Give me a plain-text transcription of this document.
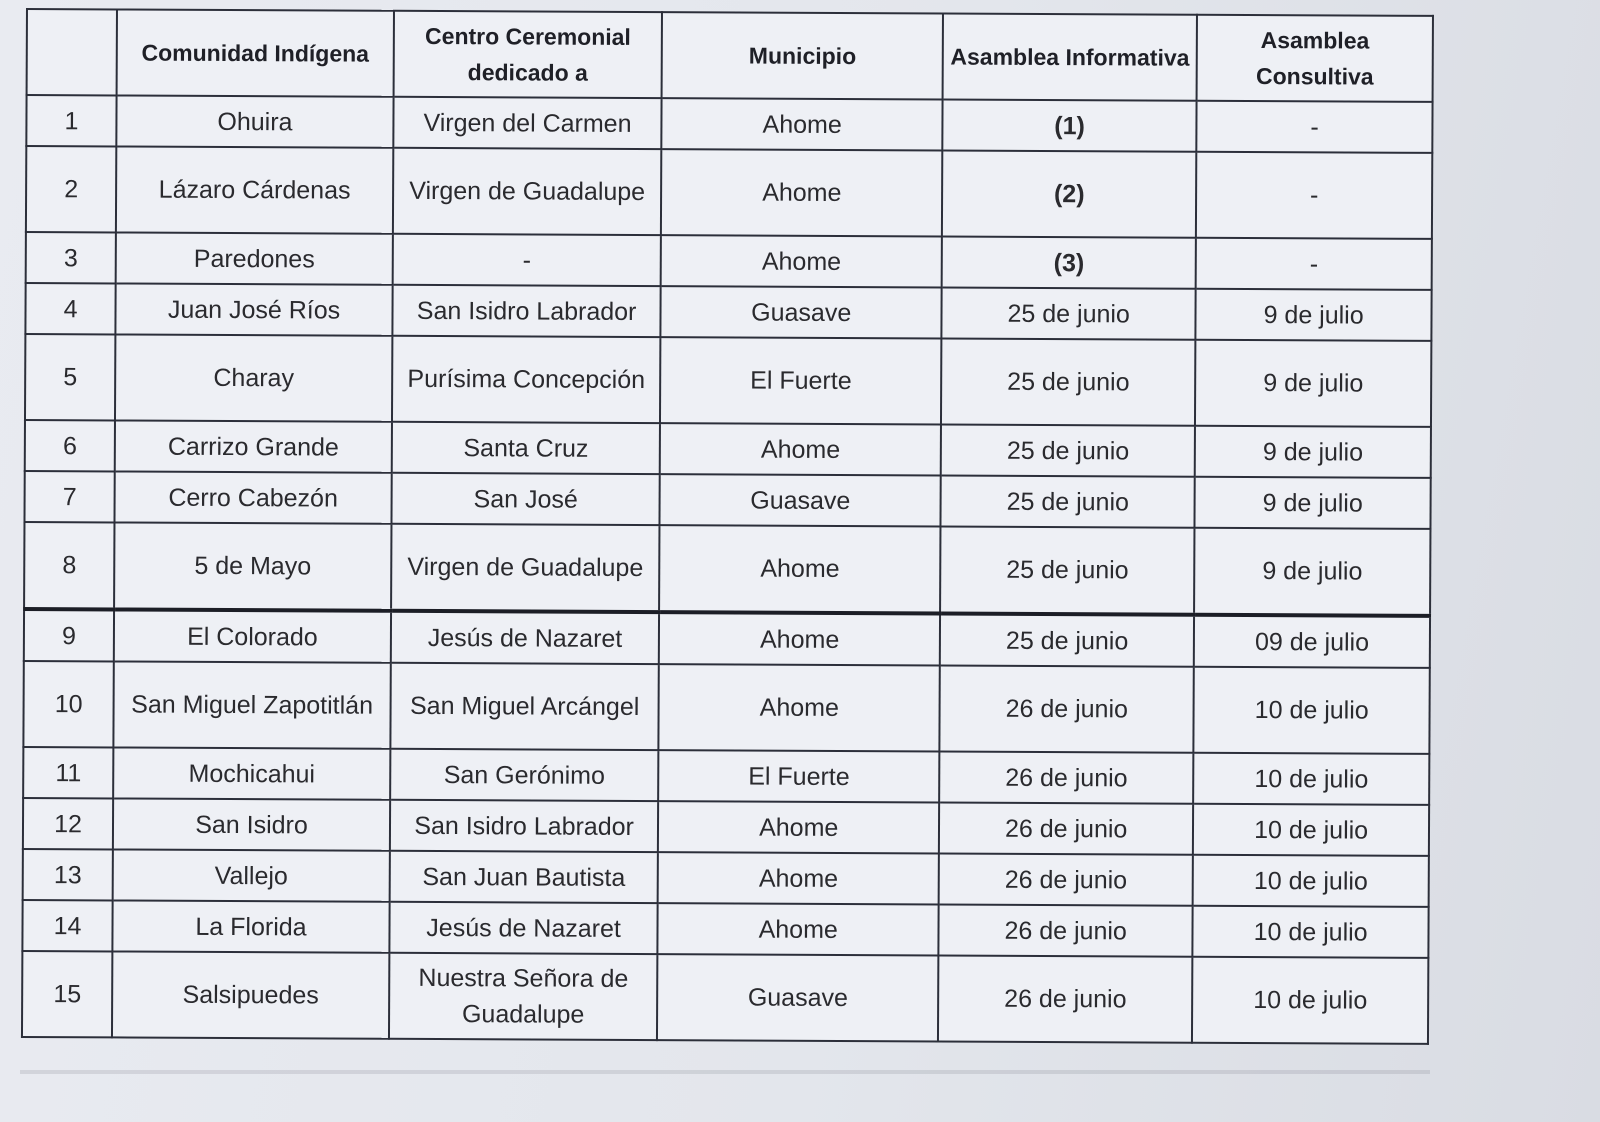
	Comunidad Indígena	Centro Ceremonial dedicado a	Municipio	Asamblea Informativa	Asamblea Consultiva
1	Ohuira	Virgen del Carmen	Ahome	(1)	-
2	Lázaro Cárdenas	Virgen de Guadalupe	Ahome	(2)	-
3	Paredones	-	Ahome	(3)	-
4	Juan José Ríos	San Isidro Labrador	Guasave	25 de junio	9 de julio
5	Charay	Purísima Concepción	El Fuerte	25 de junio	9 de julio
6	Carrizo Grande	Santa Cruz	Ahome	25 de junio	9 de julio
7	Cerro Cabezón	San José	Guasave	25 de junio	9 de julio
8	5 de Mayo	Virgen de Guadalupe	Ahome	25 de junio	9 de julio
9	El Colorado	Jesús de Nazaret	Ahome	25 de junio	09 de julio
10	San Miguel Zapotitlán	San Miguel Arcángel	Ahome	26 de junio	10 de julio
11	Mochicahui	San Gerónimo	El Fuerte	26 de junio	10 de julio
12	San Isidro	San Isidro Labrador	Ahome	26 de junio	10 de julio
13	Vallejo	San Juan Bautista	Ahome	26 de junio	10 de julio
14	La Florida	Jesús de Nazaret	Ahome	26 de junio	10 de julio
15	Salsipuedes	Nuestra Señora de Guadalupe	Guasave	26 de junio	10 de julio
